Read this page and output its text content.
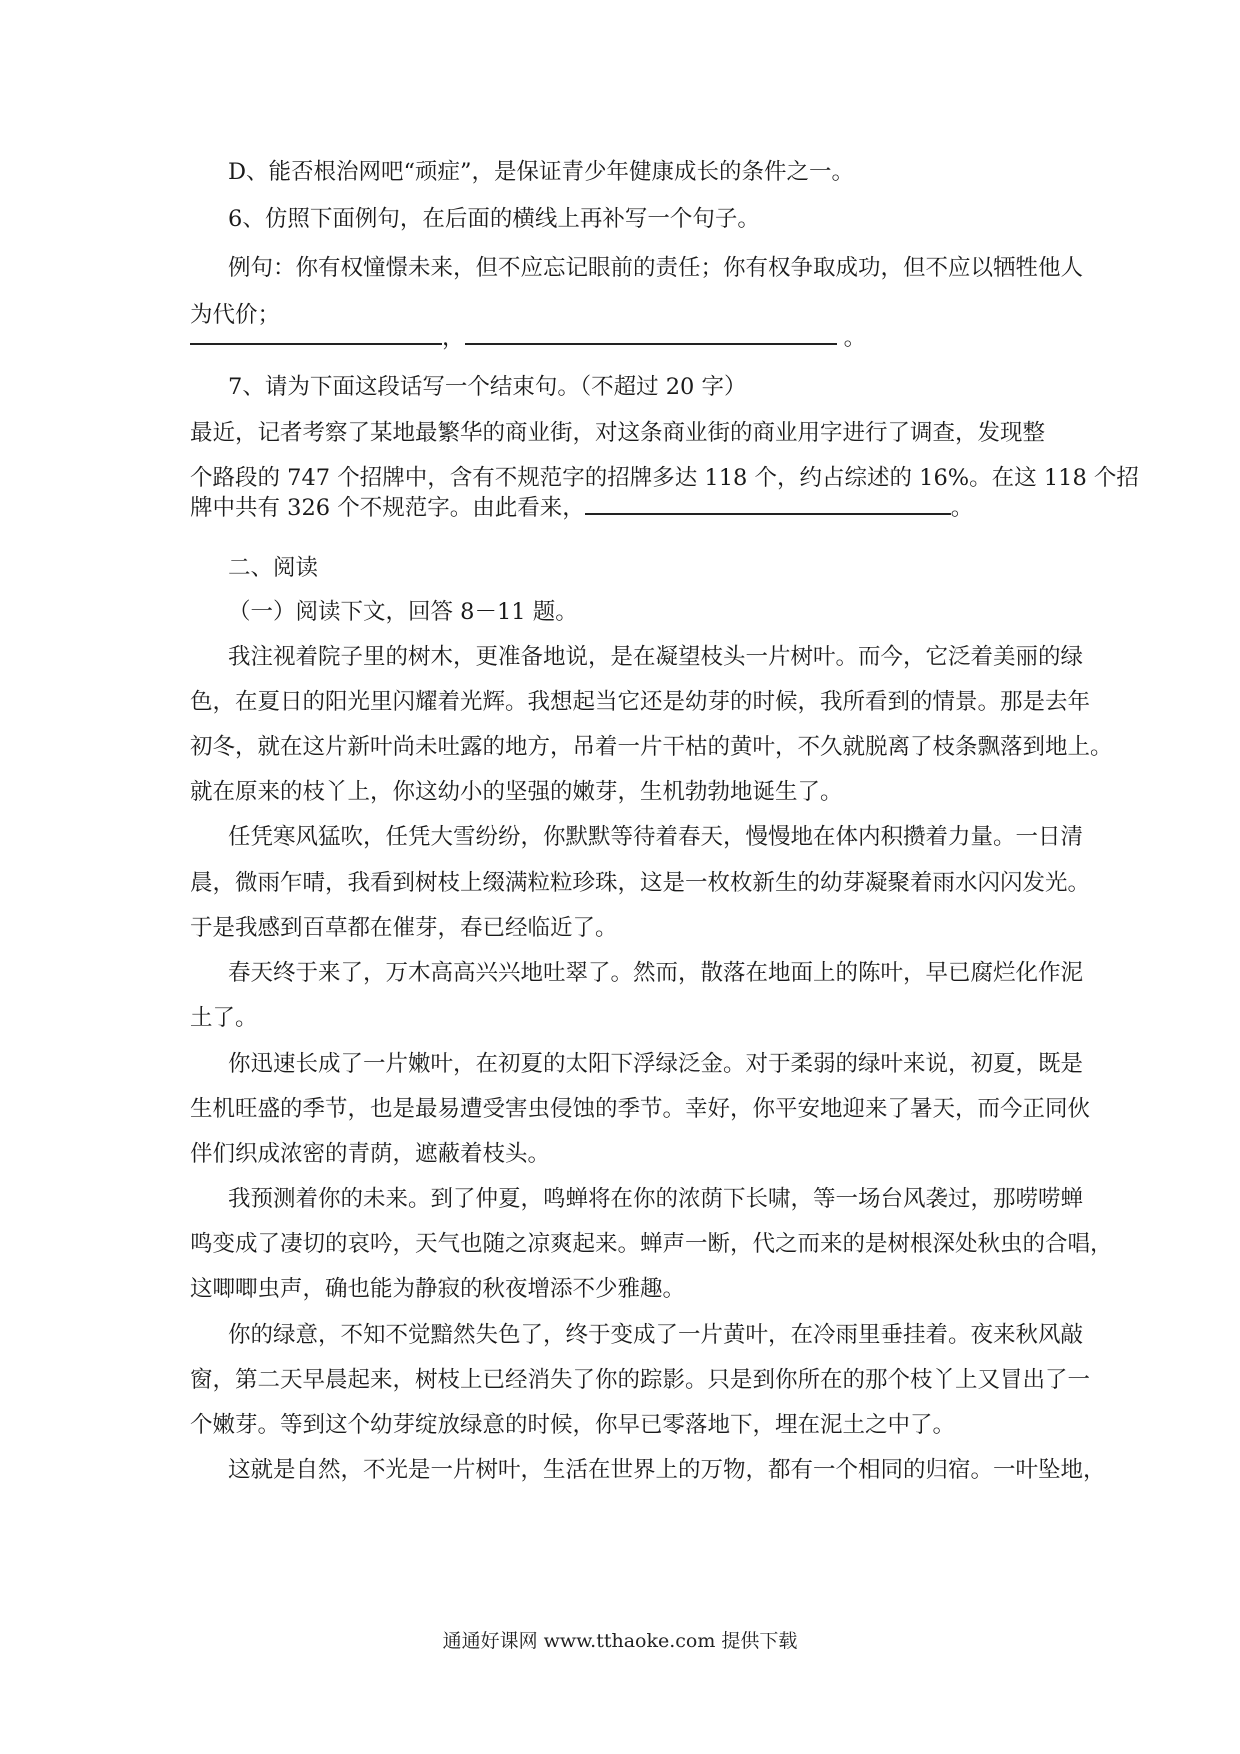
D、能否根治网吧“顽症”，是保证青少年健康成长的条件之一。
6、仿照下面例句，在后面的横线上再补写一个句子。
例句：你有权憧憬未来，但不应忘记眼前的责任；你有权争取成功，但不应以牺牲他人
为代价；
，	。
7、请为下面这段话写一个结束句。（不超过 20 字）
最近，记者考察了某地最繁华的商业街，对这条商业街的商业用字进行了调查，发现整
个路段的 747 个招牌中，含有不规范字的招牌多达 118 个，约占综述的 16%。在这 118 个招
牌中共有 326 个不规范字。由此看来，	。
二、阅读
（一）阅读下文，回答 8－11 题。
我注视着院子里的树木，更准备地说，是在凝望枝头一片树叶。而今，它泛着美丽的绿
色，在夏日的阳光里闪耀着光辉。我想起当它还是幼芽的时候，我所看到的情景。那是去年
初冬，就在这片新叶尚未吐露的地方，吊着一片干枯的黄叶，不久就脱离了枝条飘落到地上。
就在原来的枝丫上，你这幼小的坚强的嫩芽，生机勃勃地诞生了。
任凭寒风猛吹，任凭大雪纷纷，你默默等待着春天，慢慢地在体内积攒着力量。一日清
晨，微雨乍晴，我看到树枝上缀满粒粒珍珠，这是一枚枚新生的幼芽凝聚着雨水闪闪发光。
于是我感到百草都在催芽，春已经临近了。
春天终于来了，万木高高兴兴地吐翠了。然而，散落在地面上的陈叶，早已腐烂化作泥
土了。
你迅速长成了一片嫩叶，在初夏的太阳下浮绿泛金。对于柔弱的绿叶来说，初夏，既是
生机旺盛的季节，也是最易遭受害虫侵蚀的季节。幸好，你平安地迎来了暑天，而今正同伙
伴们织成浓密的青荫，遮蔽着枝头。
我预测着你的未来。到了仲夏，鸣蝉将在你的浓荫下长啸，等一场台风袭过，那唠唠蝉
鸣变成了凄切的哀吟，天气也随之凉爽起来。蝉声一断，代之而来的是树根深处秋虫的合唱，
这唧唧虫声，确也能为静寂的秋夜增添不少雅趣。
你的绿意，不知不觉黯然失色了，终于变成了一片黄叶，在冷雨里垂挂着。夜来秋风敲
窗，第二天早晨起来，树枝上已经消失了你的踪影。只是到你所在的那个枝丫上又冒出了一
个嫩芽。等到这个幼芽绽放绿意的时候，你早已零落地下，埋在泥土之中了。
这就是自然，不光是一片树叶，生活在世界上的万物，都有一个相同的归宿。一叶坠地，
通通好课网 www.tthaoke.com 提供下载
